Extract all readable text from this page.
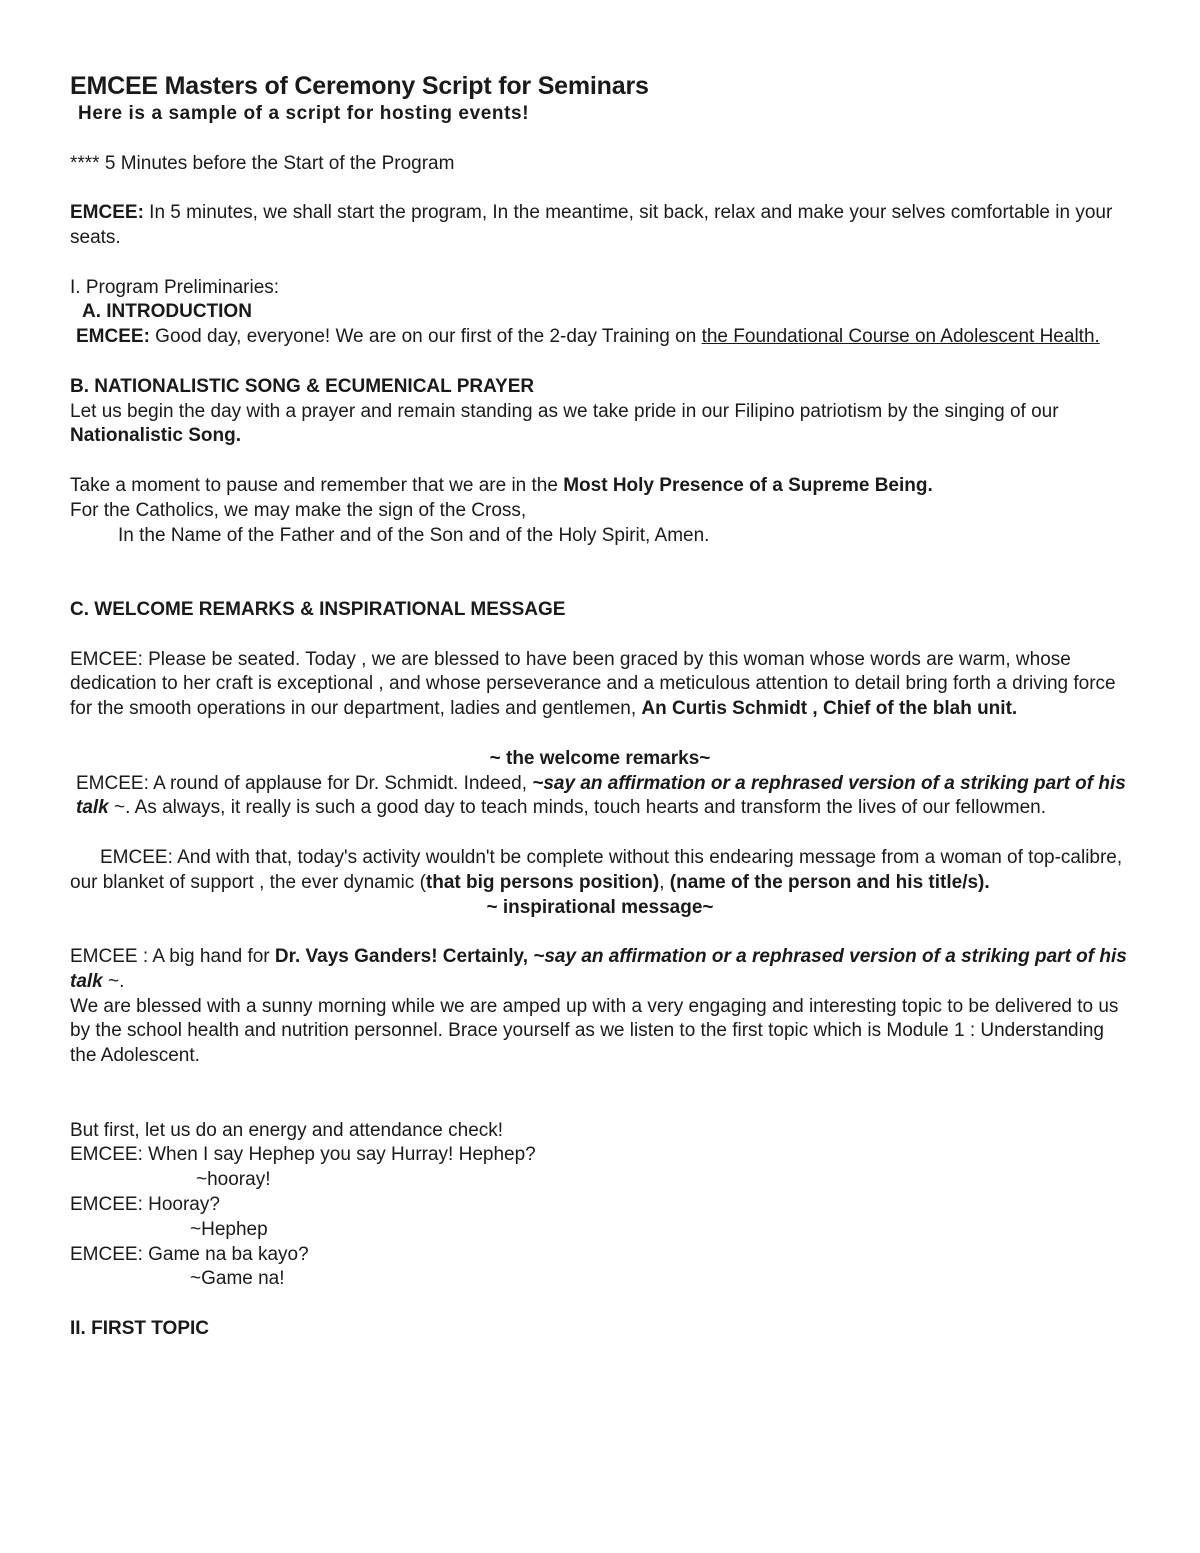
EMCEE Masters of Ceremony Script for Seminars

Here is a sample of a script for hosting events!

**** 5 Minutes before the Start of the Program

EMCEE: In 5 minutes, we shall start the program, In the meantime, sit back, relax and make your selves comfortable in your seats.

I. Program Preliminaries:

A. INTRODUCTION

EMCEE: Good day, everyone! We are on our first of the 2-day Training on the Foundational Course on Adolescent Health.

B. NATIONALISTIC SONG & ECUMENICAL PRAYER

Let us begin the day with a prayer and remain standing as we take pride in our Filipino patriotism by the singing of our Nationalistic Song.

Take a moment to pause and remember that we are in the Most Holy Presence of a Supreme Being.

For the Catholics, we may make the sign of the Cross,

In the Name of the Father and of the Son and of the Holy Spirit, Amen.

C. WELCOME REMARKS & INSPIRATIONAL MESSAGE

EMCEE: Please be seated. Today , we are blessed to have been graced by this woman whose words are warm, whose dedication to her craft is exceptional , and whose perseverance and a meticulous attention to detail bring forth a driving force for the smooth operations in our department, ladies and gentlemen, An Curtis Schmidt , Chief of the blah unit.

~ the welcome remarks~

EMCEE: A round of applause for Dr. Schmidt. Indeed, ~say an affirmation or a rephrased version of a striking part of his talk ~. As always, it really is such a good day to teach minds, touch hearts and transform the lives of our fellowmen.

EMCEE: And with that, today's activity wouldn't be complete without this endearing message from a woman of top-calibre, our blanket of support , the ever dynamic (that big persons position), (name of the person and his title/s).

~ inspirational message~

EMCEE : A big hand for Dr. Vays Ganders! Certainly, ~say an affirmation or a rephrased version of a striking part of his talk ~.

We are blessed with a sunny morning while we are amped up with a very engaging and interesting topic to be delivered to us by the school health and nutrition personnel. Brace yourself as we listen to the first topic which is Module 1 : Understanding the Adolescent.

But first, let us do an energy and attendance check!

EMCEE: When I say Hephep you say Hurray! Hephep?

~hooray!

EMCEE: Hooray?

~Hephep

EMCEE: Game na ba kayo?

~Game na!

II. FIRST TOPIC
